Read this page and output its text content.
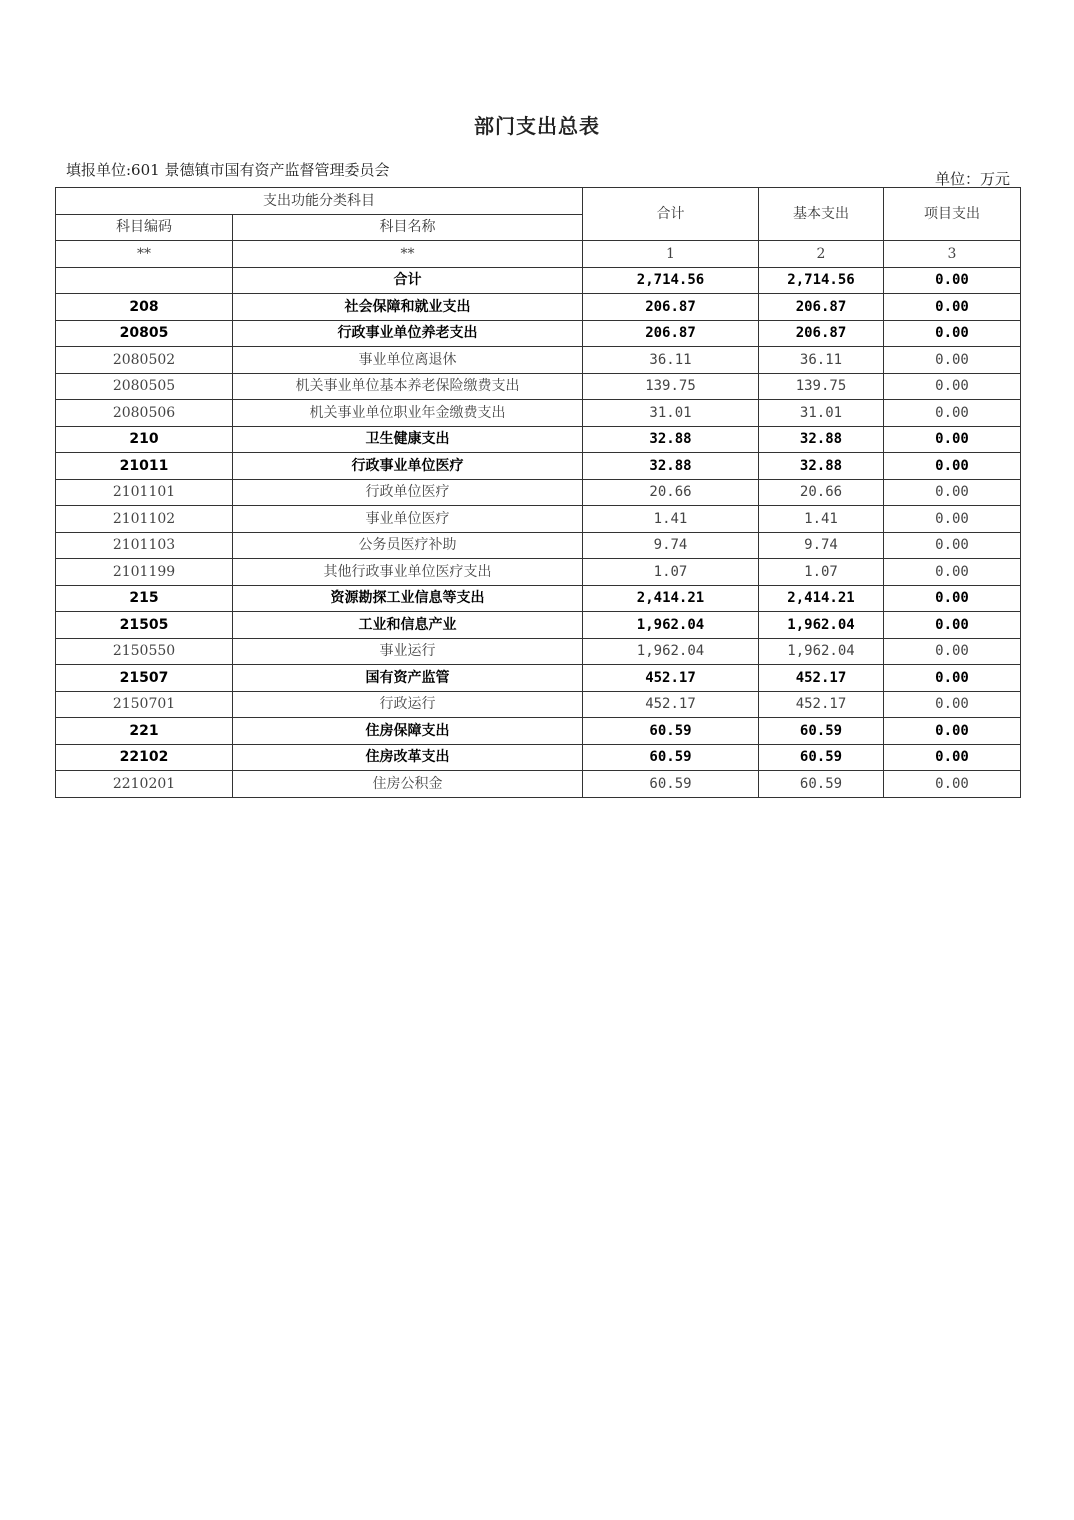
部门支出总表
填报单位:601 景德镇市国有资产监督管理委员会	单位：万元
支出功能分类科目		合计	基本支出	项目支出
科目编码	科目名称			
**	**	1	2	3
	合计	2,714.56	2,714.56	0.00
208	社会保障和就业支出	206.87	206.87	0.00
20805	行政事业单位养老支出	206.87	206.87	0.00
2080502	事业单位离退休	36.11	36.11	0.00
2080505	机关事业单位基本养老保险缴费支出	139.75	139.75	0.00
2080506	机关事业单位职业年金缴费支出	31.01	31.01	0.00
210	卫生健康支出	32.88	32.88	0.00
21011	行政事业单位医疗	32.88	32.88	0.00
2101101	行政单位医疗	20.66	20.66	0.00
2101102	事业单位医疗	1.41	1.41	0.00
2101103	公务员医疗补助	9.74	9.74	0.00
2101199	其他行政事业单位医疗支出	1.07	1.07	0.00
215	资源勘探工业信息等支出	2,414.21	2,414.21	0.00
21505	工业和信息产业	1,962.04	1,962.04	0.00
2150550	事业运行	1,962.04	1,962.04	0.00
21507	国有资产监管	452.17	452.17	0.00
2150701	行政运行	452.17	452.17	0.00
221	住房保障支出	60.59	60.59	0.00
22102	住房改革支出	60.59	60.59	0.00
2210201	住房公积金	60.59	60.59	0.00
